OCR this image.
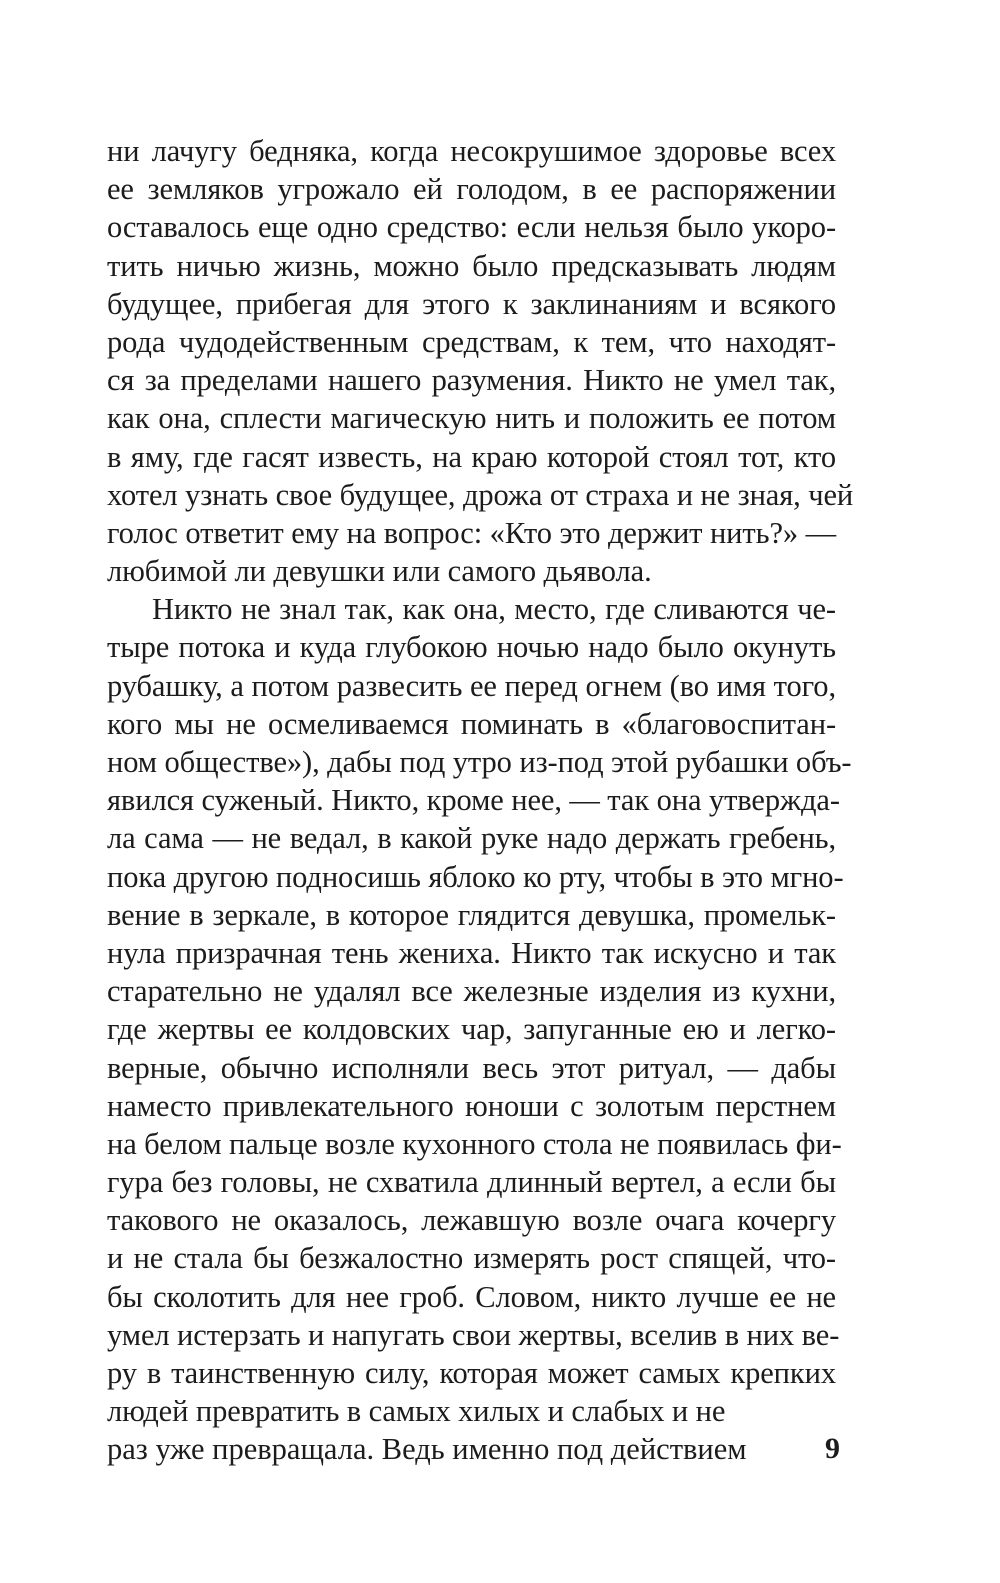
ни лачугу бедняка, когда несокрушимое здоровье всех
ее земляков угрожало ей голодом, в ее распоряжении
оставалось еще одно средство: если нельзя было укоро-
тить ничью жизнь, можно было предсказывать людям
будущее, прибегая для этого к заклинаниям и всякого
рода чудодейственным средствам, к тем, что находят-
ся за пределами нашего разумения. Никто не умел так,
как она, сплести магическую нить и положить ее потом
в яму, где гасят известь, на краю которой стоял тот, кто
хотел узнать свое будущее, дрожа от страха и не зная, чей
голос ответит ему на вопрос: «Кто это держит нить?» —
любимой ли девушки или самого дьявола.
Никто не знал так, как она, место, где сливаются че-
тыре потока и куда глубокою ночью надо было окунуть
рубашку, а потом развесить ее перед огнем (во имя того,
кого мы не осмеливаемся поминать в «благовоспитан-
ном обществе»), дабы под утро из-под этой рубашки объ-
явился суженый. Никто, кроме нее, — так она утвержда-
ла сама — не ведал, в какой руке надо держать гребень,
пока другою подносишь яблоко ко рту, чтобы в это мгно-
вение в зеркале, в которое глядится девушка, промельк-
нула призрачная тень жениха. Никто так искусно и так
старательно не удалял все железные изделия из кухни,
где жертвы ее колдовских чар, запуганные ею и легко-
верные, обычно исполняли весь этот ритуал, — дабы
наместо привлекательного юноши с золотым перстнем
на белом пальце возле кухонного стола не появилась фи-
гура без головы, не схватила длинный вертел, а если бы
такового не оказалось, лежавшую возле очага кочергу
и не стала бы безжалостно измерять рост спящей, что-
бы сколотить для нее гроб. Словом, никто лучше ее не
умел истерзать и напугать свои жертвы, вселив в них ве-
ру в таинственную силу, которая может самых крепких
людей превратить в самых хилых и слабых и не
раз уже превращала. Ведь именно под действием	9
